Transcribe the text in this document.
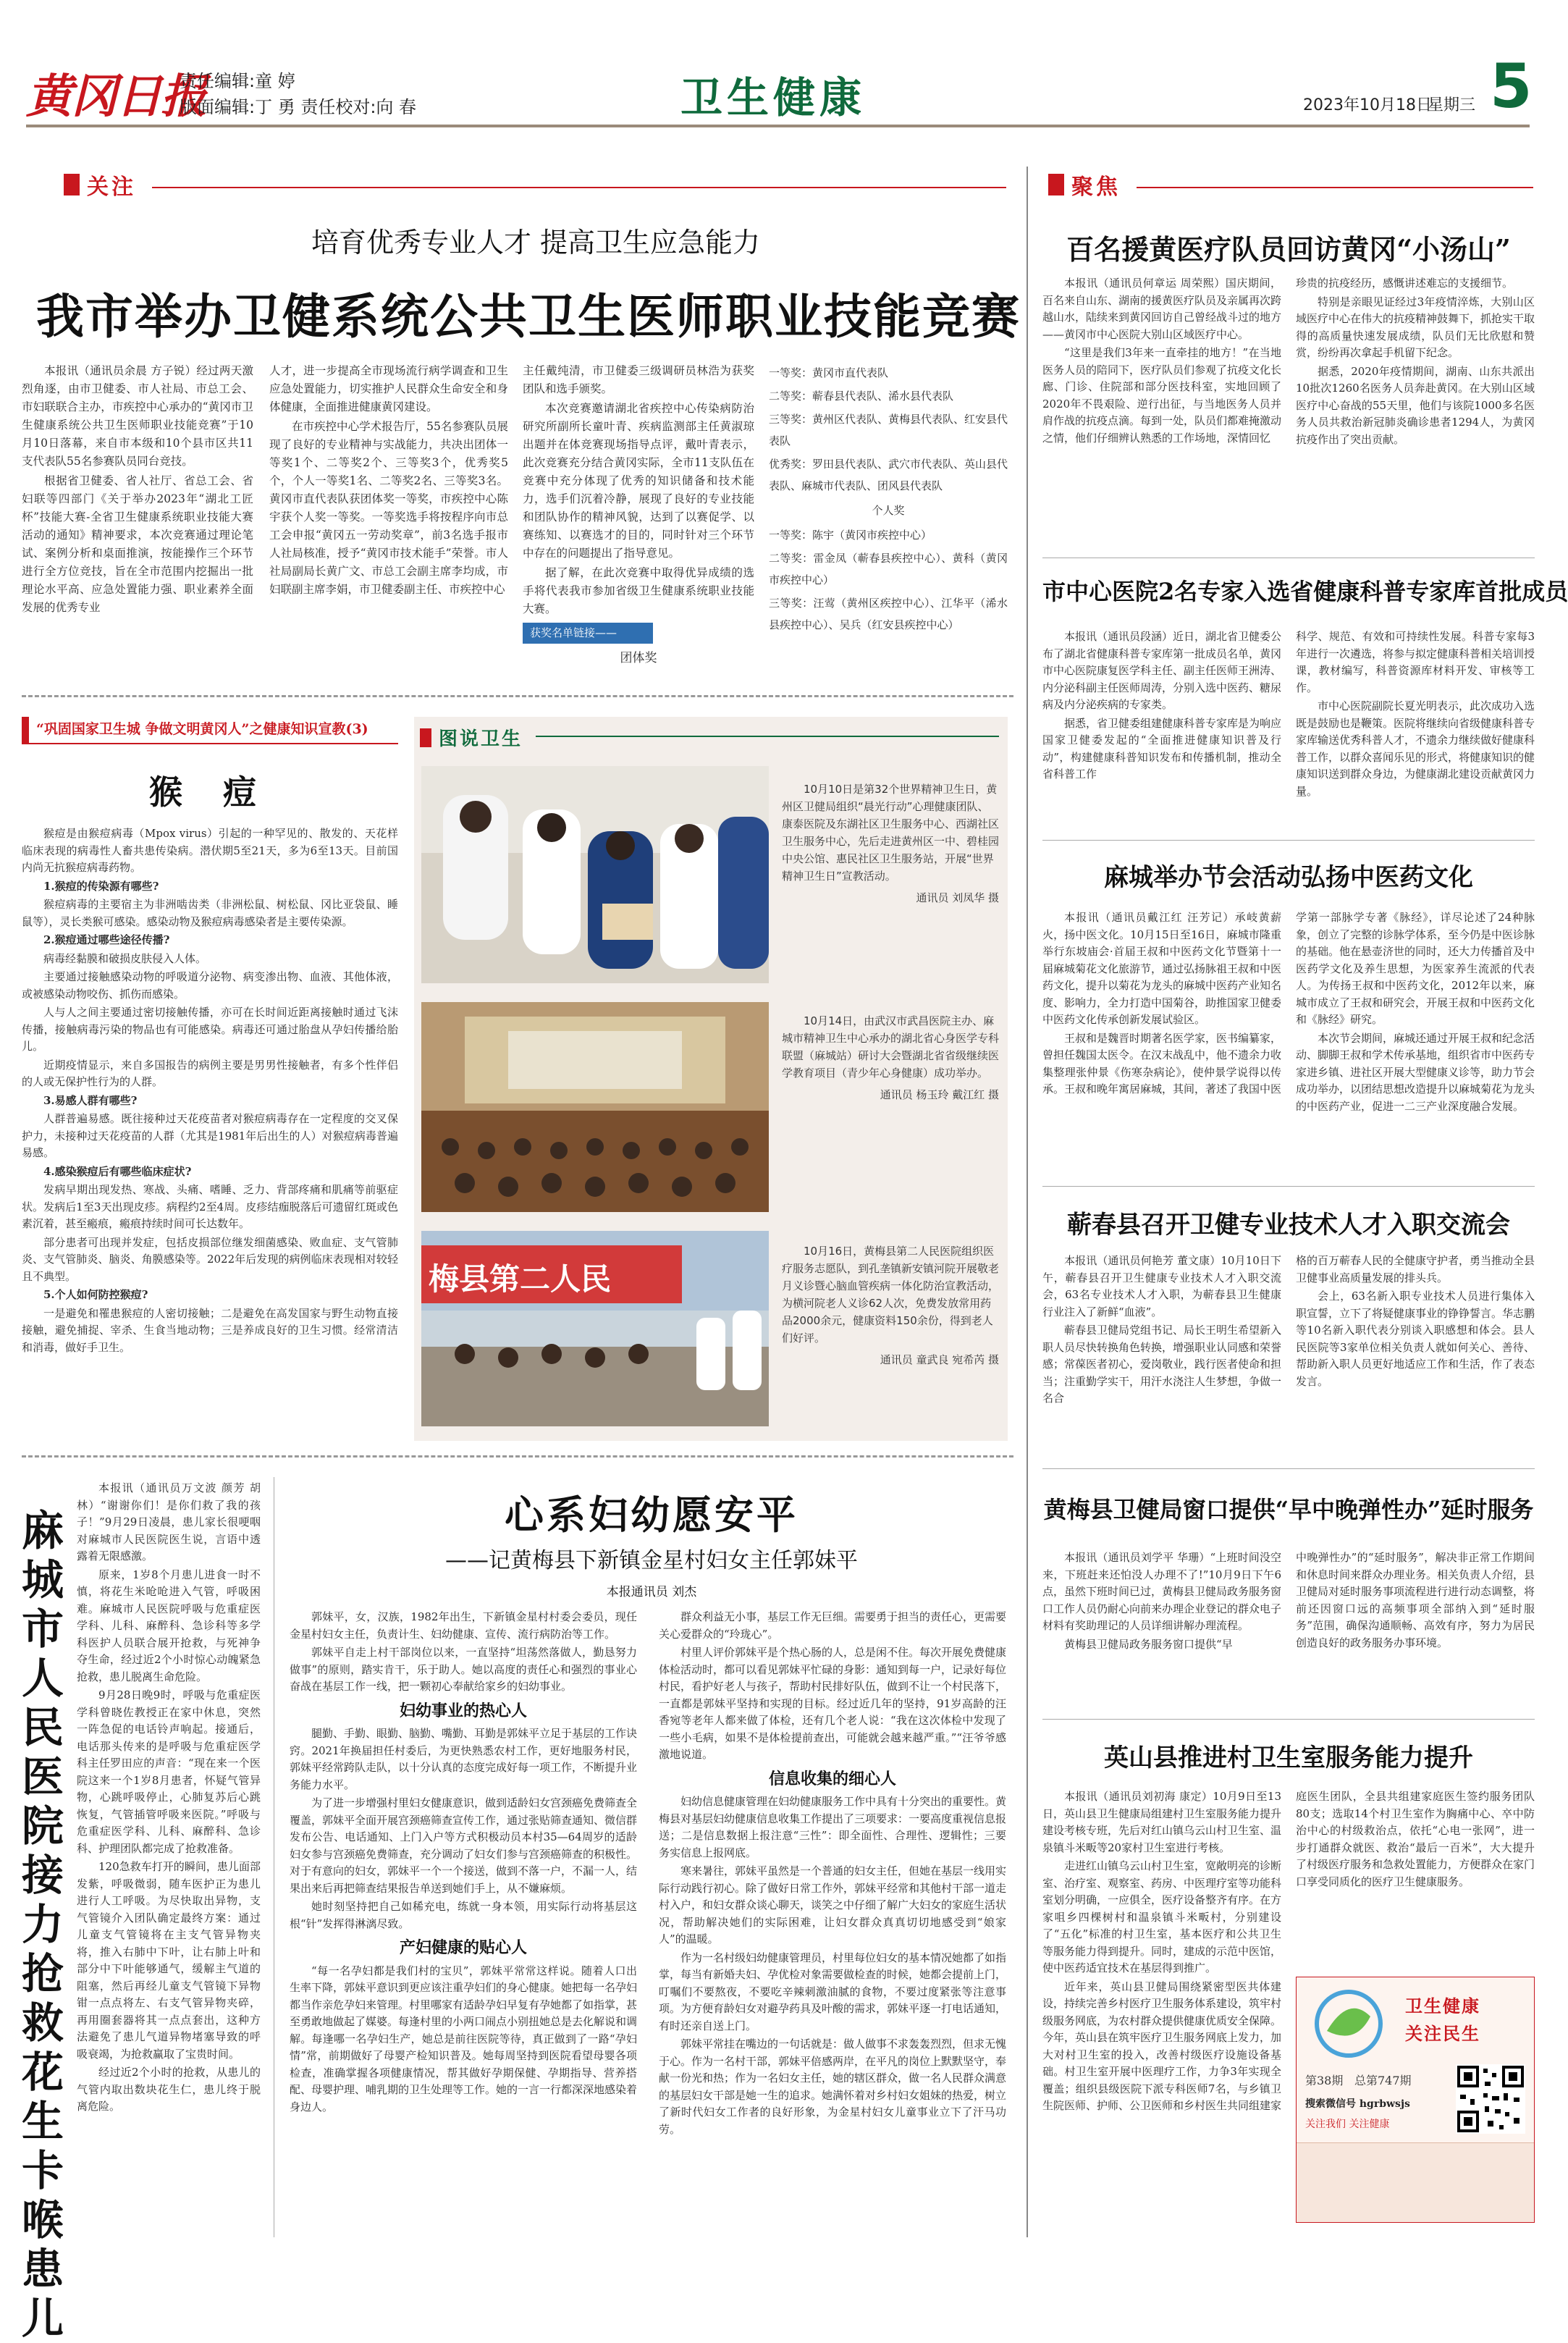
黄冈日报
责任编辑:童 婷
版面编辑:丁 勇 责任校对:向 春	卫生健康	2023年10月18日
星期三 5
关注
培育优秀专业人才 提高卫生应急能力
我市举办卫健系统公共卫生医师职业技能竞赛

本报讯（通讯员余晨 方子锐）经过两天激烈角逐，由市卫健委、市人社局、市总工会、市妇联联合主办，市疾控中心承办的“黄冈市卫生健康系统公共卫生医师职业技能竞赛”于10月10日落幕，来自市本级和10个县市区共11支代表队55名参赛队员同台竞技。

根据省卫健委、省人社厅、省总工会、省妇联等四部门《关于举办2023年“湖北工匠杯”技能大赛-全省卫生健康系统职业技能大赛活动的通知》精神要求，本次竞赛通过理论笔试、案例分析和桌面推演，按能操作三个环节进行全方位竞技，旨在全市范围内挖掘出一批理论水平高、应急处置能力强、职业素养全面发展的优秀专业

人才，进一步提高全市现场流行病学调查和卫生应急处置能力，切实推护人民群众生命安全和身体健康，全面推进健康黄冈建设。

在市疾控中心学术报告厅，55名参赛队员展现了良好的专业精神与实战能力，共决出团体一等奖1个、二等奖2个、三等奖3个，优秀奖5个，个人一等奖1名、二等奖2名、三等奖3名。黄冈市直代表队获团体奖一等奖，市疾控中心陈宇获个人奖一等奖。一等奖选手将按程序向市总工会申报“黄冈五一劳动奖章”，前3名选手报市人社局核准，授予“黄冈市技术能手”荣誉。市人社局副局长黄广文、市总工会副主席李均成，市妇联副主席李娟，市卫健委副主任、市疾控中心

主任戴纯清，市卫健委三级调研员林浩为获奖团队和选手颁奖。

本次竞赛邀请湖北省疾控中心传染病防治研究所副所长童叶青、疾病监测部主任黄淑琼出题并在体竞赛现场指导点评，戴叶青表示，此次竞赛充分结合黄冈实际，全市11支队伍在竞赛中充分体现了优秀的知识储备和技术能力，选手们沉着冷静，展现了良好的专业技能和团队协作的精神风貌，达到了以赛促学、以赛练知、以赛选才的目的，同时针对三个环节中存在的问题提出了指导意见。

据了解，在此次竞赛中取得优异成绩的选手将代表我市参加省级卫生健康系统职业技能大赛。

获奖名单链接——
团体奖

一等奖：黄冈市直代表队

二等奖：蕲春县代表队、浠水县代表队

三等奖：黄州区代表队、黄梅县代表队、红安县代表队

优秀奖：罗田县代表队、武穴市代表队、英山县代表队、麻城市代表队、团风县代表队

个人奖

一等奖：陈宇（黄冈市疾控中心）

二等奖：雷金凤（蕲春县疾控中心）、黄科（黄冈市疾控中心）

三等奖：汪莺（黄州区疾控中心）、江华平（浠水县疾控中心）、吴兵（红安县疾控中心）

“巩固国家卫生城 争做文明黄冈人”之健康知识宣教(3)
猴 痘

猴痘是由猴痘病毒（Mpox virus）引起的一种罕见的、散发的、天花样临床表现的病毒性人畜共患传染病。潜伏期5至21天，多为6至13天。目前国内尚无抗猴痘病毒药物。

1.猴痘的传染源有哪些?

猴痘病毒的主要宿主为非洲啮齿类（非洲松鼠、树松鼠、冈比亚袋鼠、睡鼠等），灵长类猴可感染。感染动物及猴痘病毒感染者是主要传染源。

2.猴痘通过哪些途径传播?

病毒经黏膜和破损皮肤侵入人体。

主要通过接触感染动物的呼吸道分泌物、病变渗出物、血液、其他体液，或被感染动物咬伤、抓伤而感染。

人与人之间主要通过密切接触传播，亦可在长时间近距离接触时通过飞沫传播，接触病毒污染的物品也有可能感染。病毒还可通过胎盘从孕妇传播给胎儿。

近期疫情显示，来自多国报告的病例主要是男男性接触者，有多个性伴侣的人或无保护性行为的人群。

3.易感人群有哪些?

人群普遍易感。既往接种过天花疫苗者对猴痘病毒存在一定程度的交叉保护力，未接种过天花疫苗的人群（尤其是1981年后出生的人）对猴痘病毒普遍易感。

4.感染猴痘后有哪些临床症状?

发病早期出现发热、寒战、头痛、嗜睡、乏力、背部疼痛和肌痛等前驱症状。发病后1至3天出现皮疹。病程约2至4周。皮疹结痂脱落后可遗留红斑或色素沉着，甚至瘢痕，瘢痕持续时间可长达数年。

部分患者可出现并发症，包括皮损部位继发细菌感染、败血症、支气管肺炎、支气管肺炎、脑炎、角膜感染等。2022年后发现的病例临床表现相对较轻且不典型。

5.个人如何防控猴痘?

一是避免和罹患猴痘的人密切接触；二是避免在高发国家与野生动物直接接触，避免捕捉、宰杀、生食当地动物；三是养成良好的卫生习惯。经常清洁和消毒，做好手卫生。

图说卫生
10月10日是第32个世界精神卫生日，黄州区卫健局组织“晨光行动”心理健康团队、康泰医院及东湖社区卫生服务中心、西湖社区卫生服务中心，先后走进黄州区一中、碧桂园中央公馆、惠民社区卫生服务站，开展“世界精神卫生日”宣教活动。
通讯员 刘凤华 摄
10月14日，由武汉市武昌医院主办、麻城市精神卫生中心承办的湖北省心身医学专科联盟（麻城站）研讨大会暨湖北省省级继续医学教育项目（青少年心身健康）成功举办。
通讯员 杨玉玲 戴江红 摄
梅县第二人民
10月16日，黄梅县第二人民医院组织医疗服务志愿队，到孔垄镇新安镇河院开展敬老月义诊暨心脑血管疾病一体化防治宣教活动，为横河院老人义诊62人次，免费发放常用药品2000余元，健康资料150余份，得到老人们好评。
通讯员 童武良 宛希芮 摄
麻城市人民医院接力抢救花生卡喉患儿

本报讯（通讯员万文波 颜芳 胡林）“谢谢你们！是你们救了我的孩子！”9月29日凌晨，患儿家长很哽咽对麻城市人民医院医生说，言语中透露着无限感激。

原来，1岁8个月患儿进食一时不慎，将花生米呛呛进入气管，呼吸困难。麻城市人民医院呼吸与危重症医学科、儿科、麻醉科、急诊科等多学科医护人员联合展开抢救，与死神争夺生命，经过近2个小时惊心动魄紧急抢救，患儿脱离生命危险。

9月28日晚9时，呼吸与危重症医学科曾晓佐教授正在家中休息，突然一阵急促的电话铃声响起。接通后，电话那头传来的是呼吸与危重症医学科主任罗田应的声音：“现在来一个医院这来一个1岁8月患者，怀疑气管异物，心跳呼吸停止，心肺复苏后心跳恢复，气管插管呼吸来医院。”呼吸与危重症医学科、儿科、麻醉科、急诊科、护理团队都完成了抢救准备。

120急救车打开的瞬间，患儿面部发紫，呼吸微弱，随车医护正为患儿进行人工呼吸。为尽快取出异物，支气管镜介入团队确定最终方案：通过儿童支气管镜将在主支气管异物夹将，推入右肺中下叶，让右肺上叶和部分中下叶能够通气，缓解主气道的阻塞，然后再经儿童支气管镜下异物钳一点点将左、右支气管异物夹碎，再用圈套器将其一点点套出，这种方法避免了患儿气道异物堵塞导致的呼吸衰竭，为抢救赢取了宝贵时间。

经过近2个小时的抢救，从患儿的气管内取出数块花生仁，患儿终于脱离危险。

心系妇幼愿安平
——记黄梅县下新镇金星村妇女主任郭妹平
本报通讯员 刘杰

郭妹平，女，汉族，1982年出生，下新镇金星村村委会委员，现任金星村妇女主任，负责计生、妇幼健康、宣传、流行病防治等工作。

郭妹平自走上村干部岗位以来，一直坚持“坦荡然落做人，勤恳努力做事”的原则，踏实肯干，乐于助人。她以高度的责任心和强烈的事业心奋战在基层工作一线，把一颗初心奉献给家乡的妇幼事业。

妇幼事业的热心人

腿勤、手勤、眼勤、脑勤、嘴勤、耳勤是郭妹平立足于基层的工作诀窍。2021年换届担任村委后，为更快熟悉农村工作，更好地服务村民，郭妹平经常跨队走队，以十分认真的态度完成好每一项工作，不断提升业务能力水平。

为了进一步增强村里妇女健康意识，做到适龄妇女宫颈癌免费筛查全覆盖，郭妹平全面开展宫颈癌筛查宣传工作，通过张贴筛查通知、微信群发布公告、电话通知、上门入户等方式积极动员本村35—64周岁的适龄妇女参与宫颈癌免费筛查，充分调动了妇女们参与宫颈癌筛查的积极性。对于有意向的妇女，郭妹平一个一个接送，做到不落一户，不漏一人，结果出来后再把筛查结果报告单送到她们手上，从不嫌麻烦。

她时刻坚持把自己如稀充电，练就一身本领，用实际行动将基层这根“针”发挥得淋漓尽致。

产妇健康的贴心人

“每一名孕妇都是我们村的宝贝”，郭妹平常常这样说。随着人口出生率下降，郭妹平意识到更应该注重孕妇们的身心健康。她把每一名孕妇都当作亲危孕妇来管理。村里哪家有适龄孕妇早复有孕她都了如指掌，甚至勇敢地做起了媒婆。每逢村里的小两口闹点小别扭她总是去化解说和调解。每逢哪一名孕妇生产，她总是前往医院等待，真正做到了一路“孕妇情”常，前期做好了母婴产检知识普及。她每周坚持到医院看望母婴各项检查，准确掌握各项健康情况，帮其做好孕期保健、孕期指导、营养搭配、母婴护理、哺乳期的卫生处理等工作。她的一言一行都深深地感染着身边人。

群众利益无小事，基层工作无巨细。需要勇于担当的责任心，更需要关心爱群众的“玲珑心”。

村里人评价郭妹平是个热心肠的人，总是闲不住。每次开展免费健康体检活动时，都可以看见郭妹平忙碌的身影：通知到每一户，记录好每位村民，看护好老人与孩子，帮助村民排好队伍，做到不让一个村民落下，一直都是郭妹平坚持和实现的目标。经过近几年的坚持，91岁高龄的汪香宛等老年人都来做了体检，还有几个老人说：“我在这次体检中发现了一些小毛病，如果不是体检提前查出，可能就会越来越严重。”“汪爷爷感激地说道。

信息收集的细心人

妇幼信息健康管理在妇幼健康服务工作中具有十分突出的重要性。黄梅县对基层妇幼健康信息收集工作提出了三项要求：一要高度重视信息报送；二是信息数据上报注意“三性”：即全面性、合理性、逻辑性；三要务实信息上报网底。

寒来暑往，郭妹平虽然是一个普通的妇女主任，但她在基层一线用实际行动践行初心。除了做好日常工作外，郭妹平经常和其他村干部一道走村入户，和妇女群众谈心聊天，谈笑之中仔细了解广大妇女的家庭生活状况，帮助解决她们的实际困难，让妇女群众真真切切地感受到“娘家人”的温暖。

作为一名村级妇幼健康管理员，村里每位妇女的基本情况她都了如指掌，每当有新婚夫妇、孕优检对象需要做检查的时候，她都会提前上门，叮嘱们不要熬夜，不要吃辛辣刺激油腻的食物，不要过度紧张等注意事项。为方便育龄妇女对避孕药具及叶酸的需求，郭妹平逐一打电话通知，有时还亲自送上门。

郭妹平常挂在嘴边的一句话就是：做人做事不求轰轰烈烈，但求无愧于心。作为一名村干部，郭妹平倍感两岸，在平凡的岗位上默默坚守，奉献一份光和热；作为一名妇女主任，她的辖区群众，做一名人民群众满意的基层妇女干部是她一生的追求。她满怀着对乡村妇女姐妹的热爱，树立了新时代妇女工作者的良好形象，为金星村妇女儿童事业立下了汗马功劳。

聚焦
百名援黄医疗队员回访黄冈“小汤山”

本报讯（通讯员何章运 周荣熙）国庆期间，百名来自山东、湖南的援黄医疗队员及亲属再次跨越山水，陆续来到黄冈回访自己曾经战斗过的地方——黄冈市中心医院大别山区域医疗中心。

“这里是我们3年来一直牵挂的地方！”在当地医务人员的陪同下，医疗队员们参观了抗疫文化长廊、门诊、住院部和部分医技科室，实地回顾了2020年不畏艰险、逆行出征，与当地医务人员并肩作战的抗疫点滴。每到一处，队员们都难掩激动之情，他们仔细辨认熟悉的工作场地，深情回忆

珍贵的抗疫经历，感慨讲述难忘的支援细节。

特别是亲眼见证经过3年疫情淬炼，大别山区域医疗中心在伟大的抗疫精神鼓舞下，抓抢实干取得的高质量快速发展成绩，队员们无比欣慰和赞赏，纷纷再次拿起手机留下纪念。

据悉，2020年疫情期间，湖南、山东共派出10批次1260名医务人员奔赴黄冈。在大别山区域医疗中心奋战的55天里，他们与该院1000多名医务人员共救治新冠肺炎确诊患者1294人，为黄冈抗疫作出了突出贡献。

市中心医院2名专家入选省健康科普专家库首批成员

本报讯（通讯员段涵）近日，湖北省卫健委公布了湖北省健康科普专家库第一批成员名单，黄冈市中心医院康复医学科主任、副主任医师王洲涛、内分泌科副主任医师周涛，分别入选中医药、糖尿病及内分泌疾病的专家类。

据悉，省卫健委组建健康科普专家库是为响应国家卫健委发起的“全面推进健康知识普及行动”，构建健康科普知识发布和传播机制，推动全省科普工作

科学、规范、有效和可持续性发展。科普专家每3年进行一次遴选，将参与拟定健康科普相关培训授课，教材编写，科普资源库材料开发、审核等工作。

市中心医院副院长夏光明表示，此次成功入选既是鼓励也是鞭策。医院将继续向省级健康科普专家库输送优秀科普人才，不遗余力继续做好健康科普工作，以群众喜闻乐见的形式，将健康知识的健康知识送到群众身边，为健康湖北建设贡献黄冈力量。

麻城举办节会活动弘扬中医药文化

本报讯（通讯员戴江红 汪芳记）承岐黄薪火，扬中医文化。10月15日至16日，麻城市隆重举行东坡庙会·首届王叔和中医药文化节暨第十一届麻城菊花文化旅游节，通过弘扬脉祖王叔和中医药文化，提升以菊花为龙头的麻城中医药产业知名度、影响力，全力打造中国菊谷，助推国家卫健委中医药文化传承创新发展试验区。

王叔和是魏晋时期著名医学家，医书编纂家，曾担任魏国太医令。在汉末战乱中，他不遗余力收集整理张仲景《伤寒杂病论》，使仲景学说得以传承。王叔和晚年寓居麻城，其间，著述了我国中医

学第一部脉学专著《脉经》，详尽论述了24种脉象，创立了完整的诊脉学体系，至今仍是中医诊脉的基础。他在悬壶济世的同时，还大力传播首及中医药学文化及养生思想，为医家养生流派的代表人。为传扬王叔和中医药文化，2012年以来，麻城市成立了王叔和研究会，开展王叔和中医药文化和《脉经》研究。

本次节会期间，麻城还通过开展王叔和纪念活动、脚脚王叔和学术传承基地，组织省市中医药专家进乡镇、进社区开展大型健康义诊等，助力节会成功举办，以团结思想改造提升以麻城菊花为龙头的中医药产业，促进一二三产业深度融合发展。

蕲春县召开卫健专业技术人才入职交流会

本报讯（通讯员何艳芳 董文康）10月10日下午，蕲春县召开卫生健康专业技术人才入职交流会，63名专业技术人才入职，为蕲春县卫生健康行业注入了新鲜“血液”。

蕲春县卫健局党组书记、局长王明生希望新入职人员尽快转换角色转换，增强职业认同感和荣誉感；常葆医者初心，爱岗敬业，践行医者使命和担当；注重勤学实干，用汗水浇注人生梦想，争做一名合

格的百万蕲春人民的全健康守护者，勇当推动全县卫健事业高质量发展的排头兵。

会上，63名新入职专业技术人员进行集体入职宣誓，立下了将疑健康事业的铮铮誓言。华志鹏等10名新入职代表分别谈入职感想和体会。县人民医院等3家单位相关负责人就如何关心、善待、帮助新入职人员更好地适应工作和生活，作了表态发言。

黄梅县卫健局窗口提供“早中晚弹性办”延时服务

本报讯（通讯员刘学平 华珊）“上班时间没空来，下班赶来还怕没人办理不了!”10月9日下午6点，虽然下班时间已过，黄梅县卫健局政务服务窗口工作人员仍耐心向前来办理企业登记的群众电子材料有奖助理记的人员详细讲解办理流程。

黄梅县卫健局政务服务窗口提供“早

中晚弹性办”的“延时服务”，解决非正常工作期间和休息时间来群众办理业务。相关负责人介绍，县卫健局对延时服务事项流程进行进行动态调整，将前还因窗口远的高频事项全部纳入到“延时服务”范围，确保沟通顺畅、高效有序，努力为居民创造良好的政务服务办事环境。

英山县推进村卫生室服务能力提升

本报讯（通讯员刘初海 康定）10月9日至13日，英山县卫生健康局组建村卫生室服务能力提升建设考核专班，先后对红山镇乌云山村卫生室、温泉镇斗米畈等20家村卫生室进行考核。

走进红山镇乌云山村卫生室，宽敞明亮的诊断室、治疗室、观察室、药房、中医理疗室等功能科室划分明确，一应俱全，医疗设备整齐有序。在方家咀乡四棵树村和温泉镇斗米畈村，分别建设了“五化”标准的村卫生室，基本医疗和公共卫生等服务能力得到提升。同时，建成的示范中医馆，使中医药适宜技术在基层得到推广。

近年来，英山县卫健局围绕紧密型医共体建设，持续完善乡村医疗卫生服务体系建设，筑牢村级服务网底，为农村群众提供健康优质安全保障。今年，英山县在筑牢医疗卫生服务网底上发力，加大对村卫生室的投入，改善村级医疗设施设备基础。村卫生室开展中医理疗工作，力争3年实现全覆盖；组织县级医院下派专科医师7名，与乡镇卫生院医师、护师、公卫医师和乡村医生共同组建家

庭医生团队，全县共组建家庭医生签约服务团队80支；选取14个村卫生室作为胸痛中心、卒中防治中心的村级救治点，依托“心电一张网”，进一步打通群众就医、救治“最后一百米”，大大提升了村级医疗服务和急救处置能力，方便群众在家门口享受同质化的医疗卫生健康服务。

卫生健康
关注民生
第38期 总第747期
搜索微信号 hgrbwsjs
关注我们 关注健康
